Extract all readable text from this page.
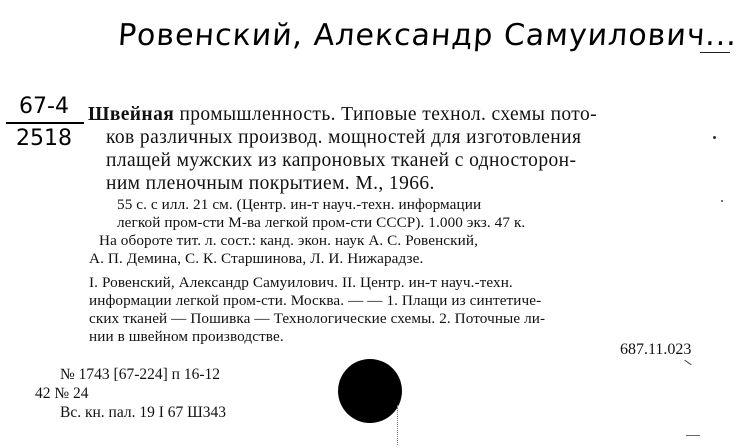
Ровенский, Александр Самуилович...
67-4
2518
Швейная промышленность. Типовые технол. схемы пото-
ков различных производ. мощностей для изготовления
плащей мужских из капроновых тканей с односторон-
ним пленочным покрытием. М., 1966.
55 с. с илл. 21 см. (Центр. ин-т науч.-техн. информации
легкой пром-сти М-ва легкой пром-сти СССР). 1.000 экз. 47 к.
На обороте тит. л. сост.: канд. экон. наук А. С. Ровенский,
А. П. Демина, С. К. Старшинова, Л. И. Нижарадзе.
I. Ровенский, Александр Самуилович. II. Центр. ин-т науч.-техн.
информации легкой пром-сти. Москва. — — 1. Плащи из синтетиче-
ских тканей — Пошивка — Технологические схемы. 2. Поточные ли-
нии в швейном производстве.
687.11.023
№ 1743 [67-224] п 16-12
42 № 24
Вс. кн. пал. 19 I 67 Ш343
